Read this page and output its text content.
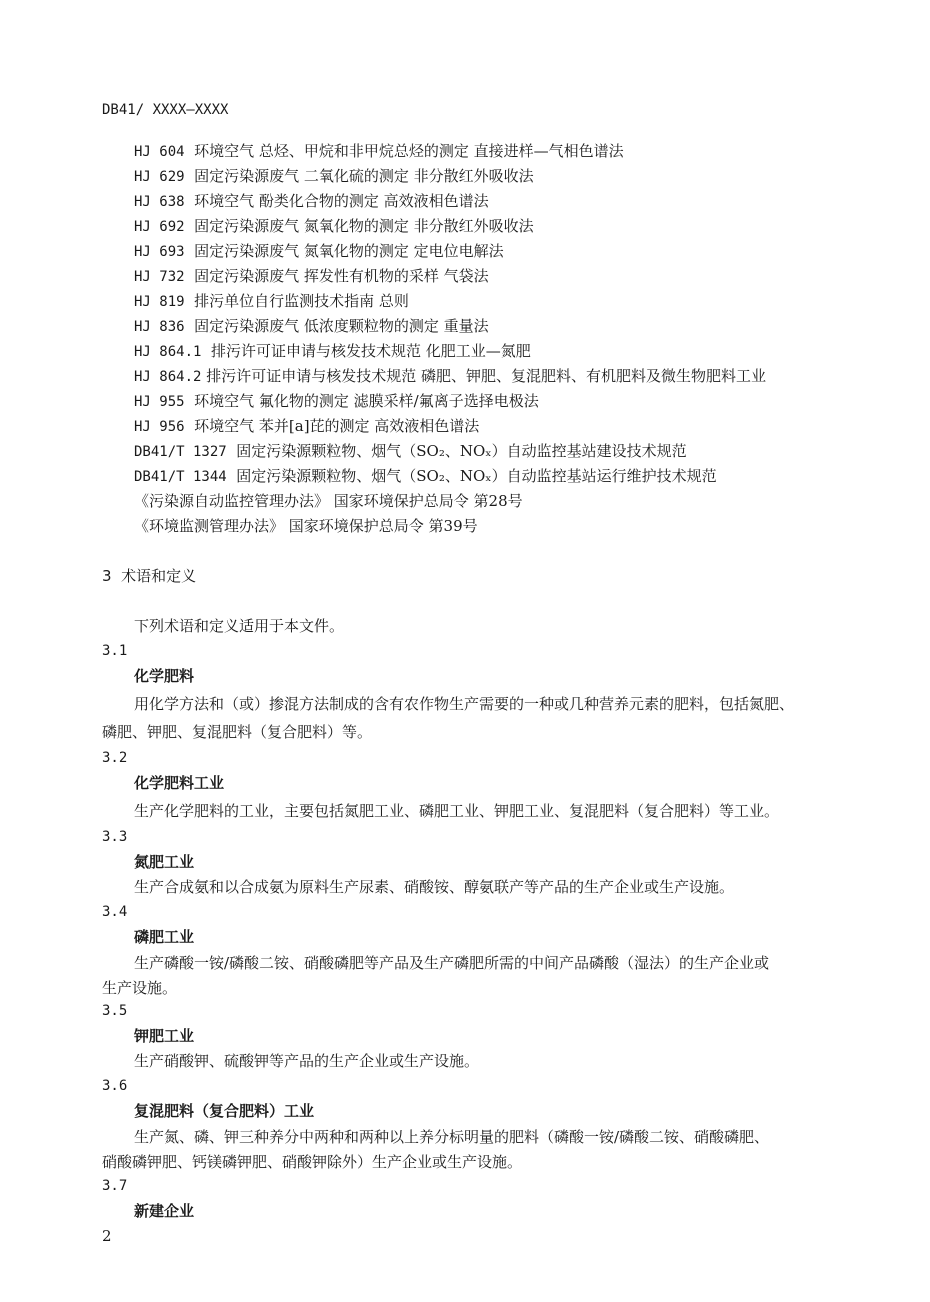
DB41/ XXXX—XXXX
HJ 604 环境空气 总烃、甲烷和非甲烷总烃的测定 直接进样—气相色谱法
HJ 629 固定污染源废气 二氧化硫的测定 非分散红外吸收法
HJ 638 环境空气 酚类化合物的测定 高效液相色谱法
HJ 692 固定污染源废气 氮氧化物的测定 非分散红外吸收法
HJ 693 固定污染源废气 氮氧化物的测定 定电位电解法
HJ 732 固定污染源废气 挥发性有机物的采样 气袋法
HJ 819 排污单位自行监测技术指南 总则
HJ 836 固定污染源废气 低浓度颗粒物的测定 重量法
HJ 864.1 排污许可证申请与核发技术规范 化肥工业—氮肥
HJ 864.2 排污许可证申请与核发技术规范 磷肥、钾肥、复混肥料、有机肥料及微生物肥料工业
HJ 955 环境空气 氟化物的测定 滤膜采样/氟离子选择电极法
HJ 956 环境空气 苯并[a]芘的测定 高效液相色谱法
DB41/T 1327 固定污染源颗粒物、烟气（SO₂、NOₓ）自动监控基站建设技术规范
DB41/T 1344 固定污染源颗粒物、烟气（SO₂、NOₓ）自动监控基站运行维护技术规范
《污染源自动监控管理办法》 国家环境保护总局令 第28号
《环境监测管理办法》 国家环境保护总局令 第39号
3 术语和定义
下列术语和定义适用于本文件。
3.1
化学肥料
用化学方法和（或）掺混方法制成的含有农作物生产需要的一种或几种营养元素的肥料，包括氮肥、
磷肥、钾肥、复混肥料（复合肥料）等。
3.2
化学肥料工业
生产化学肥料的工业，主要包括氮肥工业、磷肥工业、钾肥工业、复混肥料（复合肥料）等工业。
3.3
氮肥工业
生产合成氨和以合成氨为原料生产尿素、硝酸铵、醇氨联产等产品的生产企业或生产设施。
3.4
磷肥工业
生产磷酸一铵/磷酸二铵、硝酸磷肥等产品及生产磷肥所需的中间产品磷酸（湿法）的生产企业或
生产设施。
3.5
钾肥工业
生产硝酸钾、硫酸钾等产品的生产企业或生产设施。
3.6
复混肥料（复合肥料）工业
生产氮、磷、钾三种养分中两种和两种以上养分标明量的肥料（磷酸一铵/磷酸二铵、硝酸磷肥、
硝酸磷钾肥、钙镁磷钾肥、硝酸钾除外）生产企业或生产设施。
3.7
新建企业
2
